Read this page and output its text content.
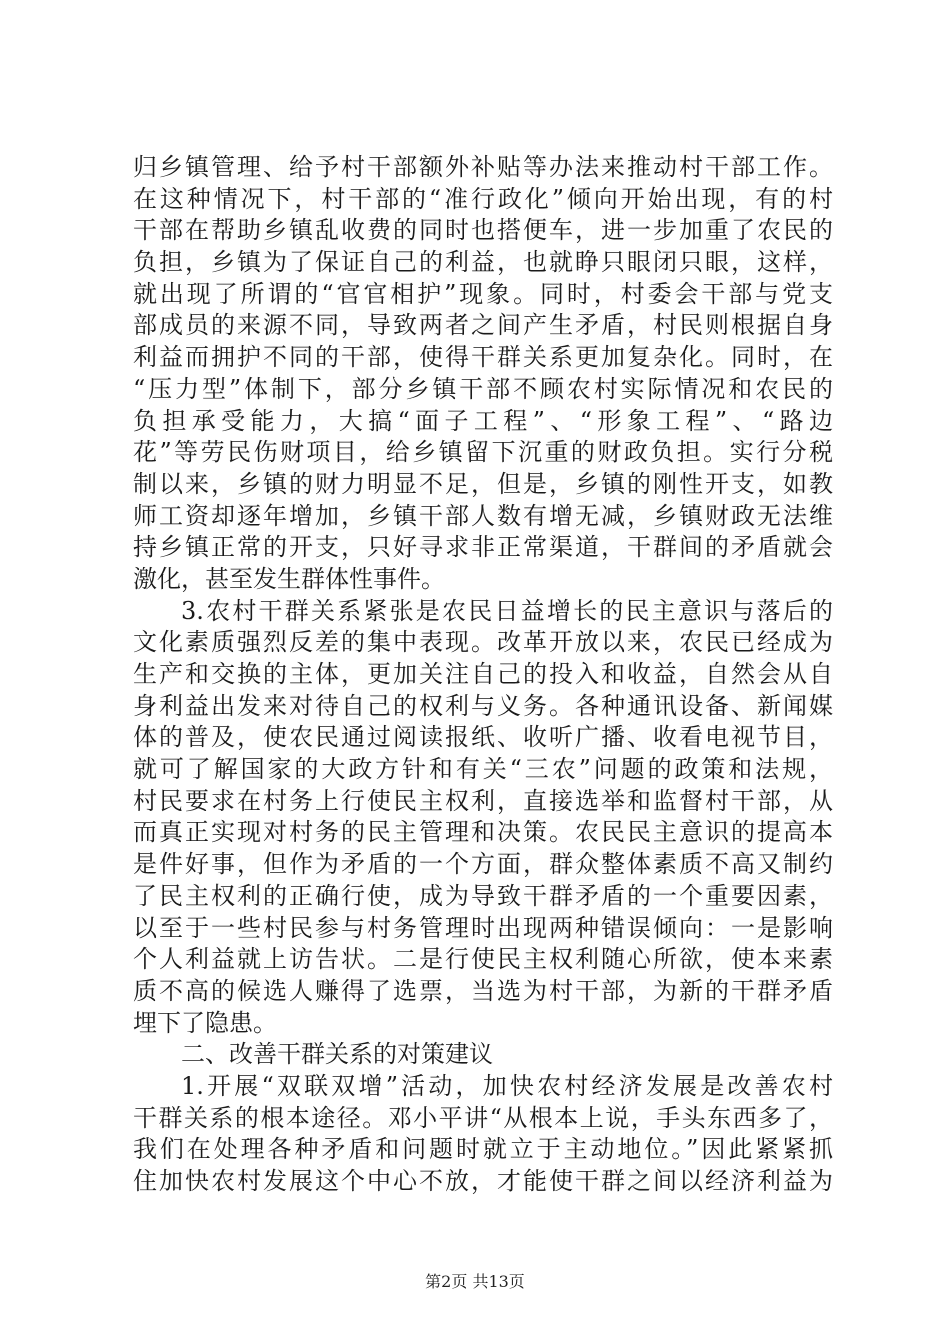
归乡镇管理、给予村干部额外补贴等办法来推动村干部工作。
在这种情况下，村干部的“准行政化”倾向开始出现，有的村
干部在帮助乡镇乱收费的同时也搭便车，进一步加重了农民的
负担，乡镇为了保证自己的利益，也就睁只眼闭只眼，这样，
就出现了所谓的“官官相护”现象。同时，村委会干部与党支
部成员的来源不同，导致两者之间产生矛盾，村民则根据自身
利益而拥护不同的干部，使得干群关系更加复杂化。同时，在
“压力型”体制下，部分乡镇干部不顾农村实际情况和农民的
负担承受能力，大搞“面子工程”、“形象工程”、“路边
花”等劳民伤财项目，给乡镇留下沉重的财政负担。实行分税
制以来，乡镇的财力明显不足，但是，乡镇的刚性开支，如教
师工资却逐年增加，乡镇干部人数有增无减，乡镇财政无法维
持乡镇正常的开支，只好寻求非正常渠道，干群间的矛盾就会
激化，甚至发生群体性事件。
3.农村干群关系紧张是农民日益增长的民主意识与落后的
文化素质强烈反差的集中表现。改革开放以来，农民已经成为
生产和交换的主体，更加关注自己的投入和收益，自然会从自
身利益出发来对待自己的权利与义务。各种通讯设备、新闻媒
体的普及，使农民通过阅读报纸、收听广播、收看电视节目，
就可了解国家的大政方针和有关“三农”问题的政策和法规，
村民要求在村务上行使民主权利，直接选举和监督村干部，从
而真正实现对村务的民主管理和决策。农民民主意识的提高本
是件好事，但作为矛盾的一个方面，群众整体素质不高又制约
了民主权利的正确行使，成为导致干群矛盾的一个重要因素，
以至于一些村民参与村务管理时出现两种错误倾向：一是影响
个人利益就上访告状。二是行使民主权利随心所欲，使本来素
质不高的候选人赚得了选票，当选为村干部，为新的干群矛盾
埋下了隐患。
二、改善干群关系的对策建议
1.开展“双联双增”活动，加快农村经济发展是改善农村
干群关系的根本途径。邓小平讲“从根本上说，手头东西多了，
我们在处理各种矛盾和问题时就立于主动地位。”因此紧紧抓
住加快农村发展这个中心不放，才能使干群之间以经济利益为
第2页 共13页
